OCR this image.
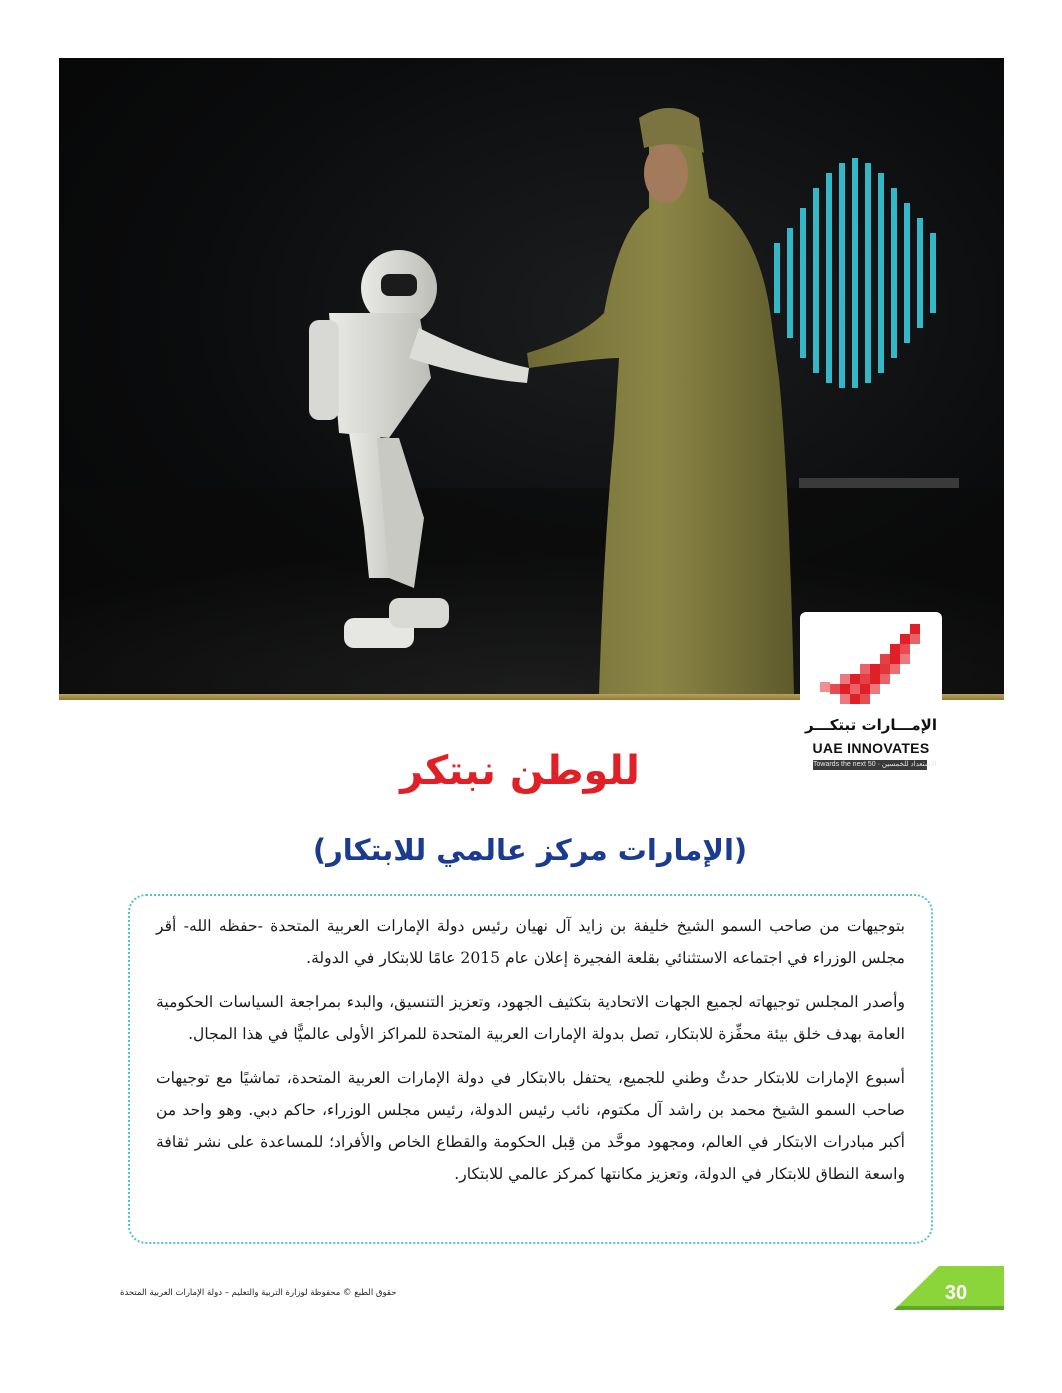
الإمـــارات تبتكـــر
UAE INNOVATES
Towards the next 50 · الاستعداد للخمسين
للوطن نبتكر
(الإمارات مركز عالمي للابتكار)

بتوجيهات من صاحب السمو الشيخ خليفة بن زايد آل نهيان رئيس دولة الإمارات العربية المتحدة -حفظه الله- أقر مجلس الوزراء في اجتماعه الاستثنائي بقلعة الفجيرة إعلان عام 2015 عامًا للابتكار في الدولة.

وأصدر المجلس توجيهاته لجميع الجهات الاتحادية بتكثيف الجهود، وتعزيز التنسيق، والبدء بمراجعة السياسات الحكومية العامة بهدف خلق بيئة محفِّزة للابتكار، تصل بدولة الإمارات العربية المتحدة للمراكز الأولى عالميًّا في هذا المجال.

أسبوع الإمارات للابتكار حدثٌ وطني للجميع، يحتفل بالابتكار في دولة الإمارات العربية المتحدة، تماشيًا مع توجيهات صاحب السمو الشيخ محمد بن راشد آل مكتوم، نائب رئيس الدولة، رئيس مجلس الوزراء، حاكم دبي. وهو واحد من أكبر مبادرات الابتكار في العالم، ومجهود موحَّد من قِبل الحكومة والقطاع الخاص والأفراد؛ للمساعدة على نشر ثقافة واسعة النطاق للابتكار في الدولة، وتعزيز مكانتها كمركز عالمي للابتكار.

حقوق الطبع © محفوظة لوزارة التربية والتعليم – دولة الإمارات العربية المتحدة	30
